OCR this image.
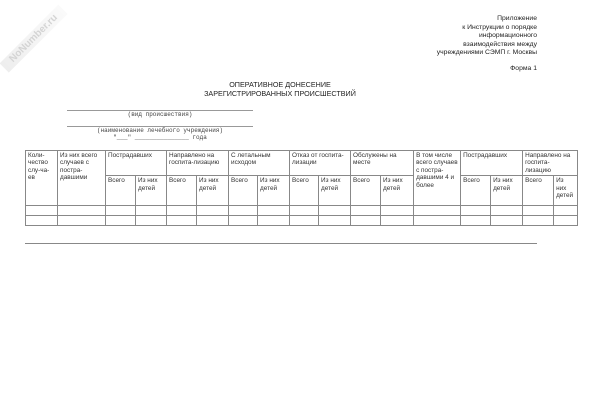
NoNumber.ru	Приложение
к Инструкции о порядке
информационного
взаимодействия между
учреждениями СЭМП г. Москвы
Форма 1
ОПЕРАТИВНОЕ ДОНЕСЕНИЕ
ЗАРЕГИСТРИРОВАННЫХ ПРОИСШЕСТВИЙ
(вид происшествия)
(наименование лечебного учреждения)
"___" _______________ года
Коли-чество слу-ча-ев	Из них всего случаев с постра-давшими	Пострадавших		Направлено на госпита-лизацию		С летальным исходом		Отказ от госпита-лизации		Обслужены на месте		В том числе всего случаев с постра-давшими 4 и более	Пострадавших		Направлено на госпита-лизацию	
		Всего	Из них детей	Всего	Из них детей	Всего	Из них детей	Всего	Из них детей	Всего	Из них детей		Всего	Из них детей	Всего	Из них детей
